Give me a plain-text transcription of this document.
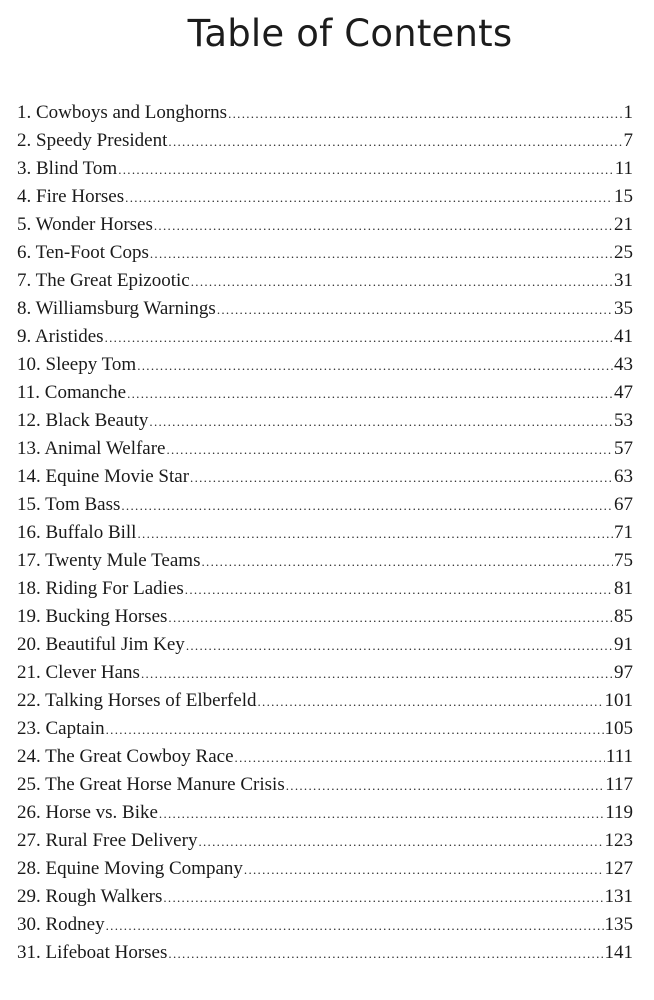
Table of Contents
1. Cowboys and Longhorns .....	1
2. Speedy President .....	7
3. Blind Tom .....	11
4. Fire Horses .....	15
5. Wonder Horses .....	21
6. Ten-Foot Cops .....	25
7. The Great Epizootic .....	31
8. Williamsburg Warnings .....	35
9. Aristides .....	41
10. Sleepy Tom .....	43
11. Comanche .....	47
12. Black Beauty .....	53
13. Animal Welfare .....	57
14. Equine Movie Star .....	63
15. Tom Bass .....	67
16. Buffalo Bill .....	71
17. Twenty Mule Teams .....	75
18. Riding For Ladies .....	81
19. Bucking Horses .....	85
20. Beautiful Jim Key .....	91
21. Clever Hans .....	97
22. Talking Horses of Elberfeld .....	101
23. Captain .....	105
24. The Great Cowboy Race .....	111
25. The Great Horse Manure Crisis .....	117
26. Horse vs. Bike .....	119
27. Rural Free Delivery .....	123
28. Equine Moving Company .....	127
29. Rough Walkers .....	131
30. Rodney .....	135
31. Lifeboat Horses .....	141
